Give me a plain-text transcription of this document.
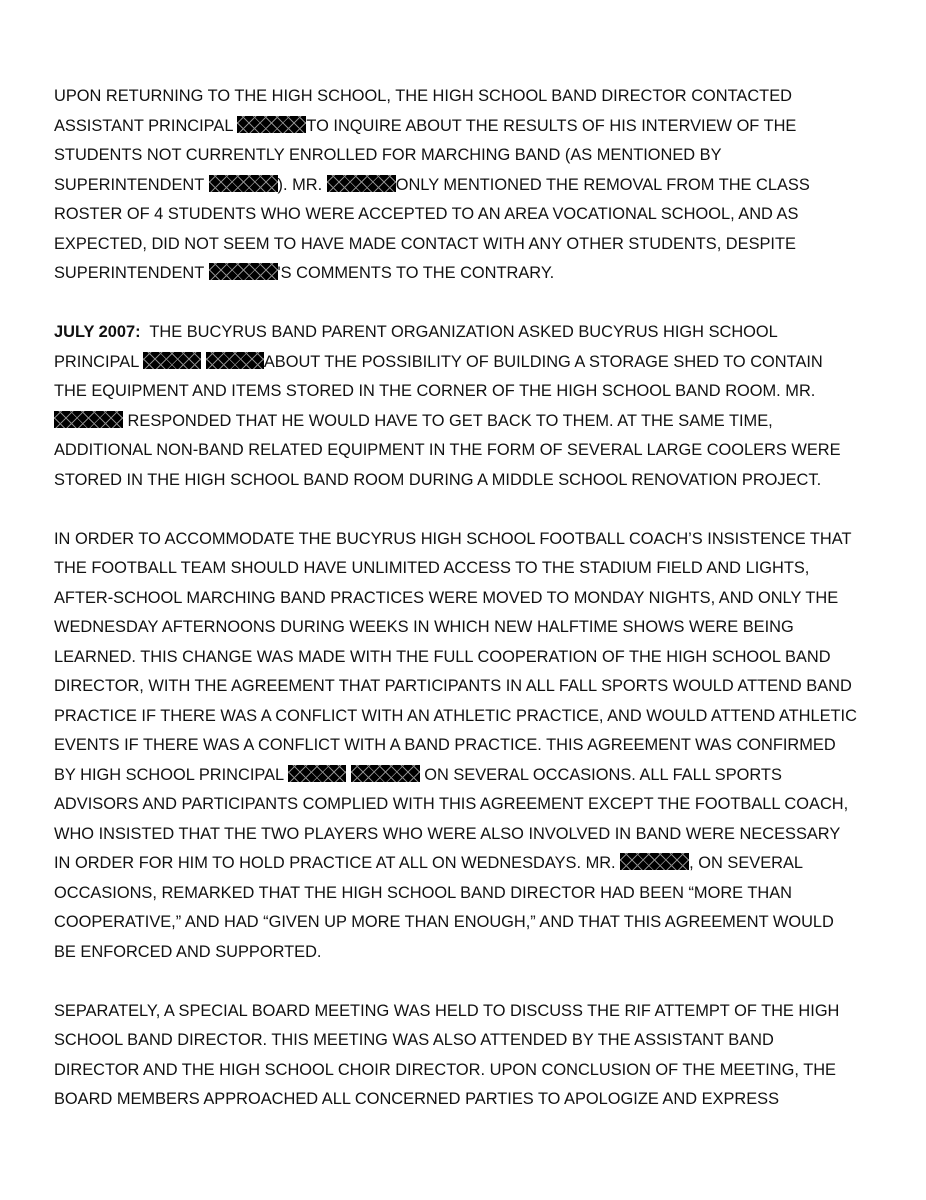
UPON RETURNING TO THE HIGH SCHOOL, THE HIGH SCHOOL BAND DIRECTOR CONTACTED
ASSISTANT PRINCIPAL	TO INQUIRE ABOUT THE RESULTS OF HIS INTERVIEW OF THE
STUDENTS NOT CURRENTLY ENROLLED FOR MARCHING BAND (AS MENTIONED BY
SUPERINTENDENT	). MR.	ONLY MENTIONED THE REMOVAL FROM THE CLASS
ROSTER OF 4 STUDENTS WHO WERE ACCEPTED TO AN AREA VOCATIONAL SCHOOL, AND AS
EXPECTED, DID NOT SEEM TO HAVE MADE CONTACT WITH ANY OTHER STUDENTS, DESPITE
SUPERINTENDENT	'S COMMENTS TO THE CONTRARY.
JULY 2007:  THE BUCYRUS BAND PARENT ORGANIZATION ASKED BUCYRUS HIGH SCHOOL
PRINCIPAL	ABOUT THE POSSIBILITY OF BUILDING A STORAGE SHED TO CONTAIN
THE EQUIPMENT AND ITEMS STORED IN THE CORNER OF THE HIGH SCHOOL BAND ROOM. MR.
RESPONDED THAT HE WOULD HAVE TO GET BACK TO THEM. AT THE SAME TIME,
ADDITIONAL NON-BAND RELATED EQUIPMENT IN THE FORM OF SEVERAL LARGE COOLERS WERE
STORED IN THE HIGH SCHOOL BAND ROOM DURING A MIDDLE SCHOOL RENOVATION PROJECT.
IN ORDER TO ACCOMMODATE THE BUCYRUS HIGH SCHOOL FOOTBALL COACH’S INSISTENCE THAT
THE FOOTBALL TEAM SHOULD HAVE UNLIMITED ACCESS TO THE STADIUM FIELD AND LIGHTS,
AFTER-SCHOOL MARCHING BAND PRACTICES WERE MOVED TO MONDAY NIGHTS, AND ONLY THE
WEDNESDAY AFTERNOONS DURING WEEKS IN WHICH NEW HALFTIME SHOWS WERE BEING
LEARNED. THIS CHANGE WAS MADE WITH THE FULL COOPERATION OF THE HIGH SCHOOL BAND
DIRECTOR, WITH THE AGREEMENT THAT PARTICIPANTS IN ALL FALL SPORTS WOULD ATTEND BAND
PRACTICE IF THERE WAS A CONFLICT WITH AN ATHLETIC PRACTICE, AND WOULD ATTEND ATHLETIC
EVENTS IF THERE WAS A CONFLICT WITH A BAND PRACTICE. THIS AGREEMENT WAS CONFIRMED
BY HIGH SCHOOL PRINCIPAL	ON SEVERAL OCCASIONS. ALL FALL SPORTS
ADVISORS AND PARTICIPANTS COMPLIED WITH THIS AGREEMENT EXCEPT THE FOOTBALL COACH,
WHO INSISTED THAT THE TWO PLAYERS WHO WERE ALSO INVOLVED IN BAND WERE NECESSARY
IN ORDER FOR HIM TO HOLD PRACTICE AT ALL ON WEDNESDAYS. MR.	, ON SEVERAL
OCCASIONS, REMARKED THAT THE HIGH SCHOOL BAND DIRECTOR HAD BEEN “MORE THAN
COOPERATIVE,” AND HAD “GIVEN UP MORE THAN ENOUGH,” AND THAT THIS AGREEMENT WOULD
BE ENFORCED AND SUPPORTED.
SEPARATELY, A SPECIAL BOARD MEETING WAS HELD TO DISCUSS THE RIF ATTEMPT OF THE HIGH
SCHOOL BAND DIRECTOR. THIS MEETING WAS ALSO ATTENDED BY THE ASSISTANT BAND
DIRECTOR AND THE HIGH SCHOOL CHOIR DIRECTOR. UPON CONCLUSION OF THE MEETING, THE
BOARD MEMBERS APPROACHED ALL CONCERNED PARTIES TO APOLOGIZE AND EXPRESS
